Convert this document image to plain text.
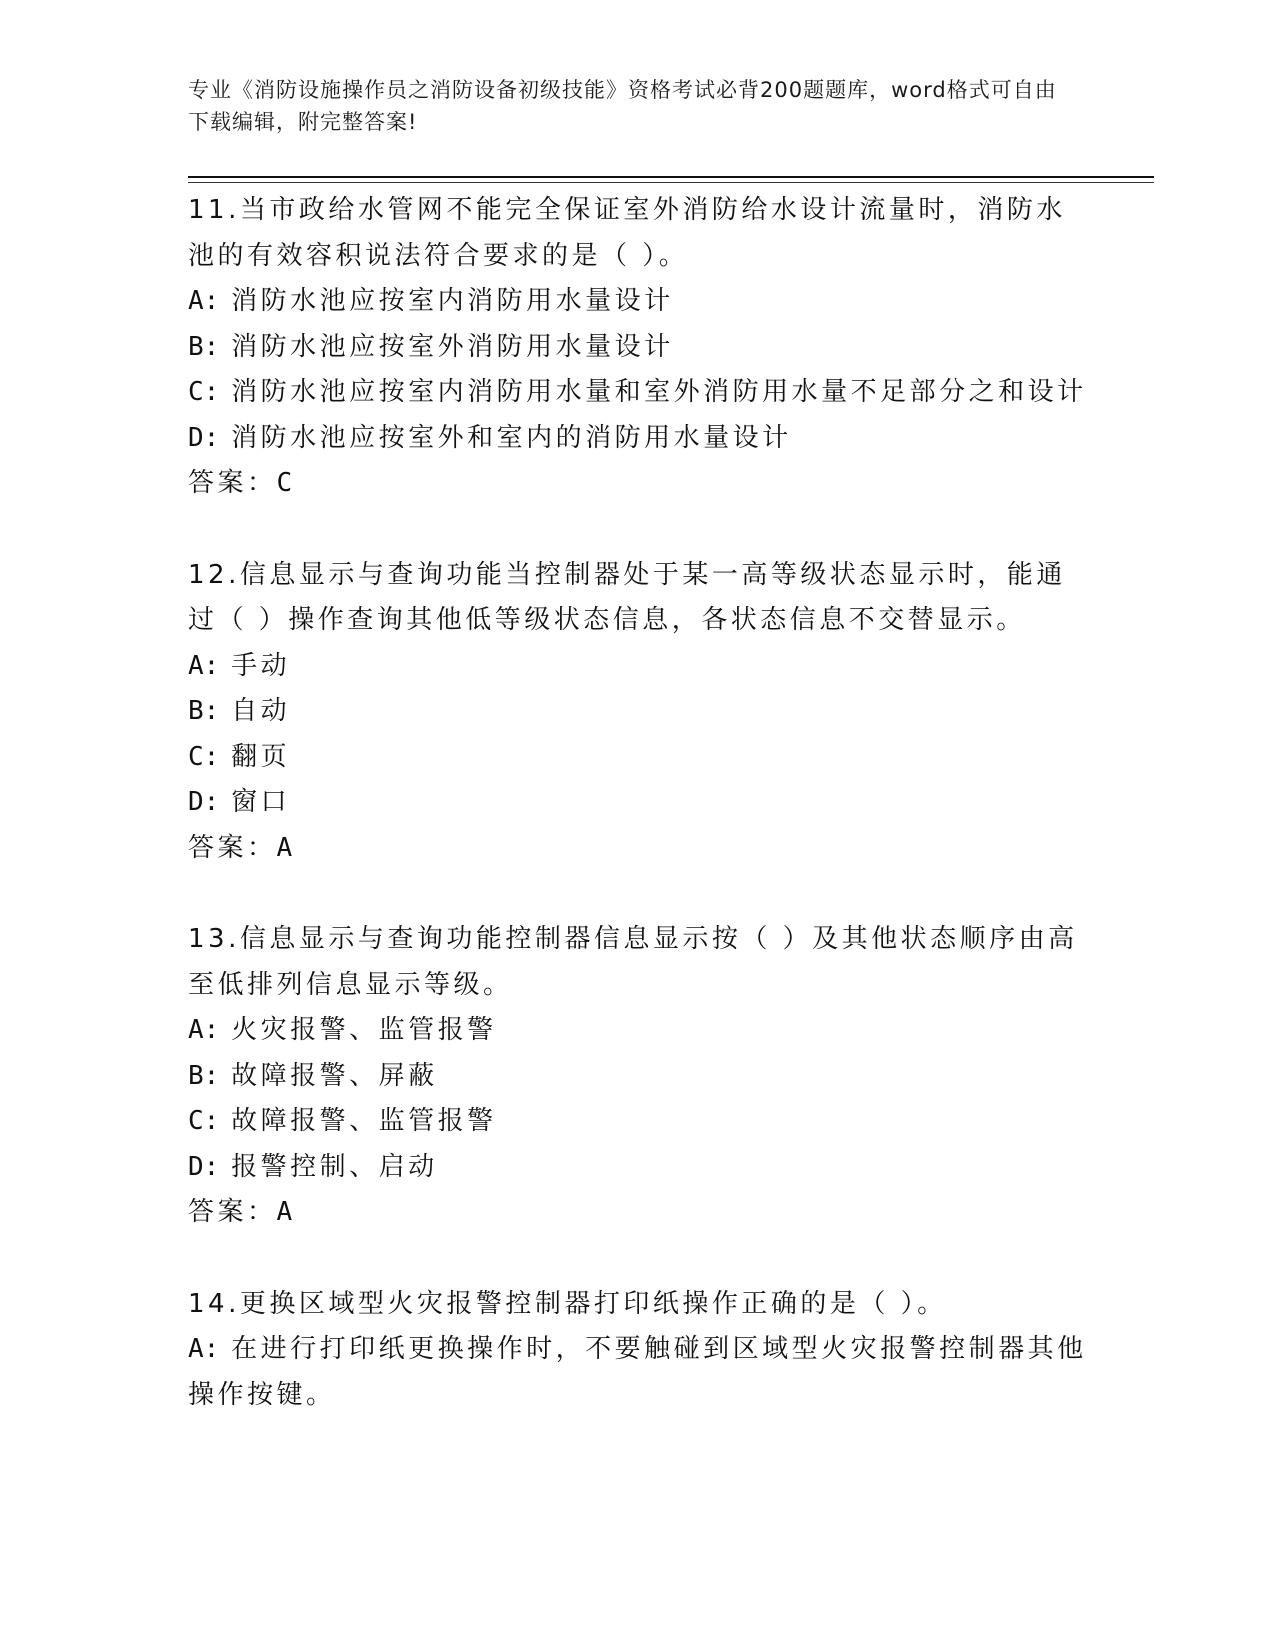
专业《消防设施操作员之消防设备初级技能》资格考试必背200题题库，word格式可自由下载编辑，附完整答案!
11.当市政给水管网不能完全保证室外消防给水设计流量时，消防水池的有效容积说法符合要求的是（ ）。
A: 消防水池应按室内消防用水量设计
B: 消防水池应按室外消防用水量设计
C: 消防水池应按室内消防用水量和室外消防用水量不足部分之和设计
D: 消防水池应按室外和室内的消防用水量设计
答案：C
12.信息显示与查询功能当控制器处于某一高等级状态显示时，能通过（ ）操作查询其他低等级状态信息，各状态信息不交替显示。
A: 手动
B: 自动
C: 翻页
D: 窗口
答案：A
13.信息显示与查询功能控制器信息显示按（ ）及其他状态顺序由高至低排列信息显示等级。
A: 火灾报警、监管报警
B: 故障报警、屏蔽
C: 故障报警、监管报警
D: 报警控制、启动
答案：A
14.更换区域型火灾报警控制器打印纸操作正确的是（ ）。
A: 在进行打印纸更换操作时，不要触碰到区域型火灾报警控制器其他操作按键。
